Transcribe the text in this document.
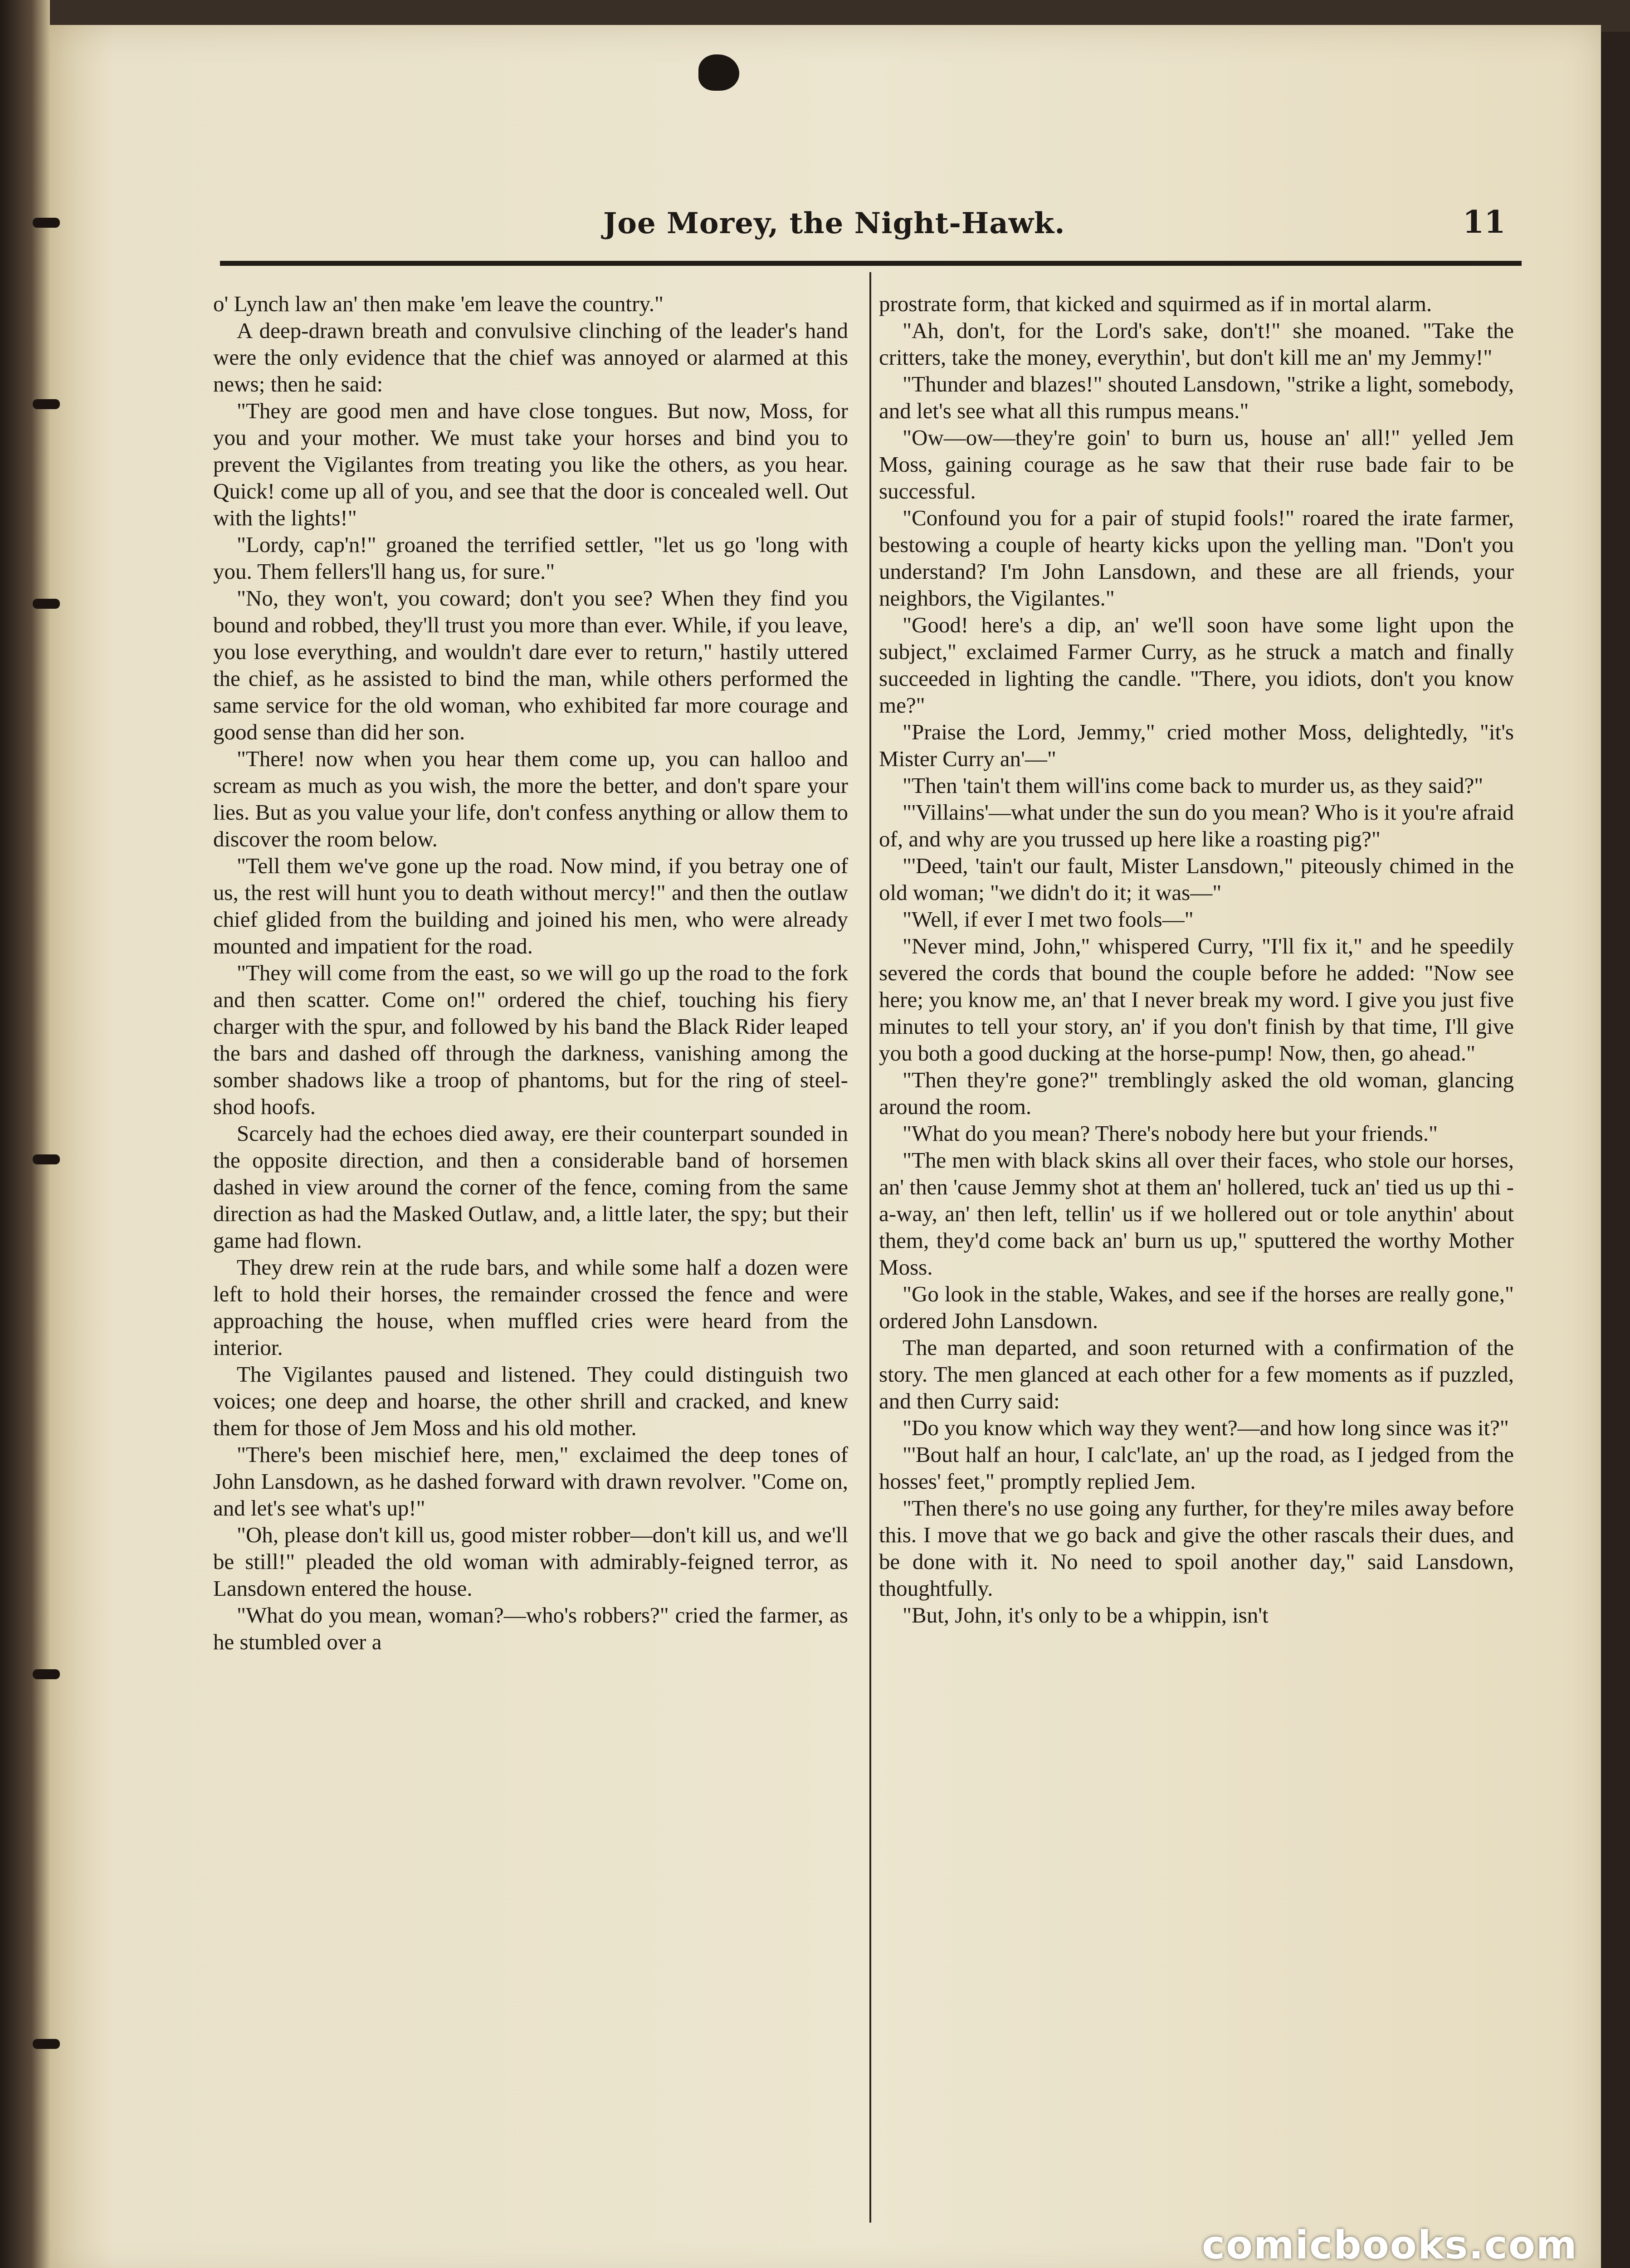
Joe Morey, the Night-Hawk.	11

o' Lynch law an' then make 'em leave the country."

A deep-drawn breath and convulsive clinching of the leader's hand were the only evidence that the chief was annoyed or alarmed at this news; then he said:

"They are good men and have close tongues. But now, Moss, for you and your mother. We must take your horses and bind you to prevent the Vigilantes from treating you like the others, as you hear. Quick! come up all of you, and see that the door is concealed well. Out with the lights!"

"Lordy, cap'n!" groaned the terrified settler, "let us go 'long with you. Them fellers'll hang us, for sure."

"No, they won't, you coward; don't you see? When they find you bound and robbed, they'll trust you more than ever. While, if you leave, you lose everything, and wouldn't dare ever to return," hastily uttered the chief, as he assisted to bind the man, while others performed the same service for the old woman, who exhibited far more courage and good sense than did her son.

"There! now when you hear them come up, you can halloo and scream as much as you wish, the more the better, and don't spare your lies. But as you value your life, don't confess anything or allow them to discover the room below.

"Tell them we've gone up the road. Now mind, if you betray one of us, the rest will hunt you to death without mercy!" and then the outlaw chief glided from the building and joined his men, who were already mounted and impatient for the road.

"They will come from the east, so we will go up the road to the fork and then scatter. Come on!" ordered the chief, touching his fiery charger with the spur, and followed by his band the Black Rider leaped the bars and dashed off through the darkness, vanishing among the somber shadows like a troop of phantoms, but for the ring of steel-shod hoofs.

Scarcely had the echoes died away, ere their counterpart sounded in the opposite direction, and then a considerable band of horsemen dashed in view around the corner of the fence, coming from the same direction as had the Masked Outlaw, and, a little later, the spy; but their game had flown.

They drew rein at the rude bars, and while some half a dozen were left to hold their horses, the remainder crossed the fence and were approaching the house, when muffled cries were heard from the interior.

The Vigilantes paused and listened. They could distinguish two voices; one deep and hoarse, the other shrill and cracked, and knew them for those of Jem Moss and his old mother.

"There's been mischief here, men," exclaimed the deep tones of John Lansdown, as he dashed forward with drawn revolver. "Come on, and let's see what's up!"

"Oh, please don't kill us, good mister robber—don't kill us, and we'll be still!" pleaded the old woman with admirably-feigned terror, as Lansdown entered the house.

"What do you mean, woman?—who's robbers?" cried the farmer, as he stumbled over a

prostrate form, that kicked and squirmed as if in mortal alarm.

"Ah, don't, for the Lord's sake, don't!" she moaned. "Take the critters, take the money, everythin', but don't kill me an' my Jemmy!"

"Thunder and blazes!" shouted Lansdown, "strike a light, somebody, and let's see what all this rumpus means."

"Ow—ow—they're goin' to burn us, house an' all!" yelled Jem Moss, gaining courage as he saw that their ruse bade fair to be successful.

"Confound you for a pair of stupid fools!" roared the irate farmer, bestowing a couple of hearty kicks upon the yelling man. "Don't you understand? I'm John Lansdown, and these are all friends, your neighbors, the Vigilantes."

"Good! here's a dip, an' we'll soon have some light upon the subject," exclaimed Farmer Curry, as he struck a match and finally succeeded in lighting the candle. "There, you idiots, don't you know me?"

"Praise the Lord, Jemmy," cried mother Moss, delightedly, "it's Mister Curry an'—"

"Then 'tain't them will'ins come back to murder us, as they said?"

"'Villains'—what under the sun do you mean? Who is it you're afraid of, and why are you trussed up here like a roasting pig?"

"'Deed, 'tain't our fault, Mister Lansdown," piteously chimed in the old woman; "we didn't do it; it was—"

"Well, if ever I met two fools—"

"Never mind, John," whispered Curry, "I'll fix it," and he speedily severed the cords that bound the couple before he added: "Now see here; you know me, an' that I never break my word. I give you just five minutes to tell your story, an' if you don't finish by that time, I'll give you both a good ducking at the horse-pump! Now, then, go ahead."

"Then they're gone?" tremblingly asked the old woman, glancing around the room.

"What do you mean? There's nobody here but your friends."

"The men with black skins all over their faces, who stole our horses, an' then 'cause Jemmy shot at them an' hollered, tuck an' tied us up thi -a-way, an' then left, tellin' us if we hollered out or tole anythin' about them, they'd come back an' burn us up," sputtered the worthy Mother Moss.

"Go look in the stable, Wakes, and see if the horses are really gone," ordered John Lansdown.

The man departed, and soon returned with a confirmation of the story. The men glanced at each other for a few moments as if puzzled, and then Curry said:

"Do you know which way they went?—and how long since was it?"

"'Bout half an hour, I calc'late, an' up the road, as I jedged from the hosses' feet," promptly replied Jem.

"Then there's no use going any further, for they're miles away before this. I move that we go back and give the other rascals their dues, and be done with it. No need to spoil another day," said Lansdown, thoughtfully.

"But, John, it's only to be a whippin, isn't

comicbooks.com
